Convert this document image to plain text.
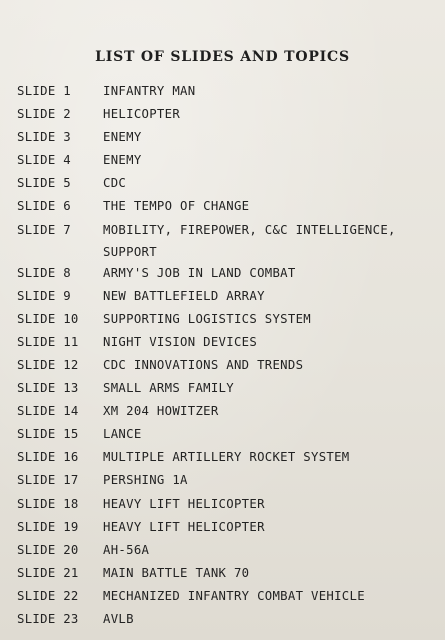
LIST OF SLIDES AND TOPICS
SLIDE 1	INFANTRY MAN
SLIDE 2	HELICOPTER
SLIDE 3	ENEMY
SLIDE 4	ENEMY
SLIDE 5	CDC
SLIDE 6	THE TEMPO OF CHANGE
SLIDE 7	MOBILITY, FIREPOWER, C&C INTELLIGENCE, SUPPORT
SLIDE 8	ARMY'S JOB IN LAND COMBAT
SLIDE 9	NEW BATTLEFIELD ARRAY
SLIDE 10	SUPPORTING LOGISTICS SYSTEM
SLIDE 11	NIGHT VISION DEVICES
SLIDE 12	CDC INNOVATIONS AND TRENDS
SLIDE 13	SMALL ARMS FAMILY
SLIDE 14	XM 204 HOWITZER
SLIDE 15	LANCE
SLIDE 16	MULTIPLE ARTILLERY ROCKET SYSTEM
SLIDE 17	PERSHING 1A
SLIDE 18	HEAVY LIFT HELICOPTER
SLIDE 19	HEAVY LIFT HELICOPTER
SLIDE 20	AH-56A
SLIDE 21	MAIN BATTLE TANK 70
SLIDE 22	MECHANIZED INFANTRY COMBAT VEHICLE
SLIDE 23	AVLB
